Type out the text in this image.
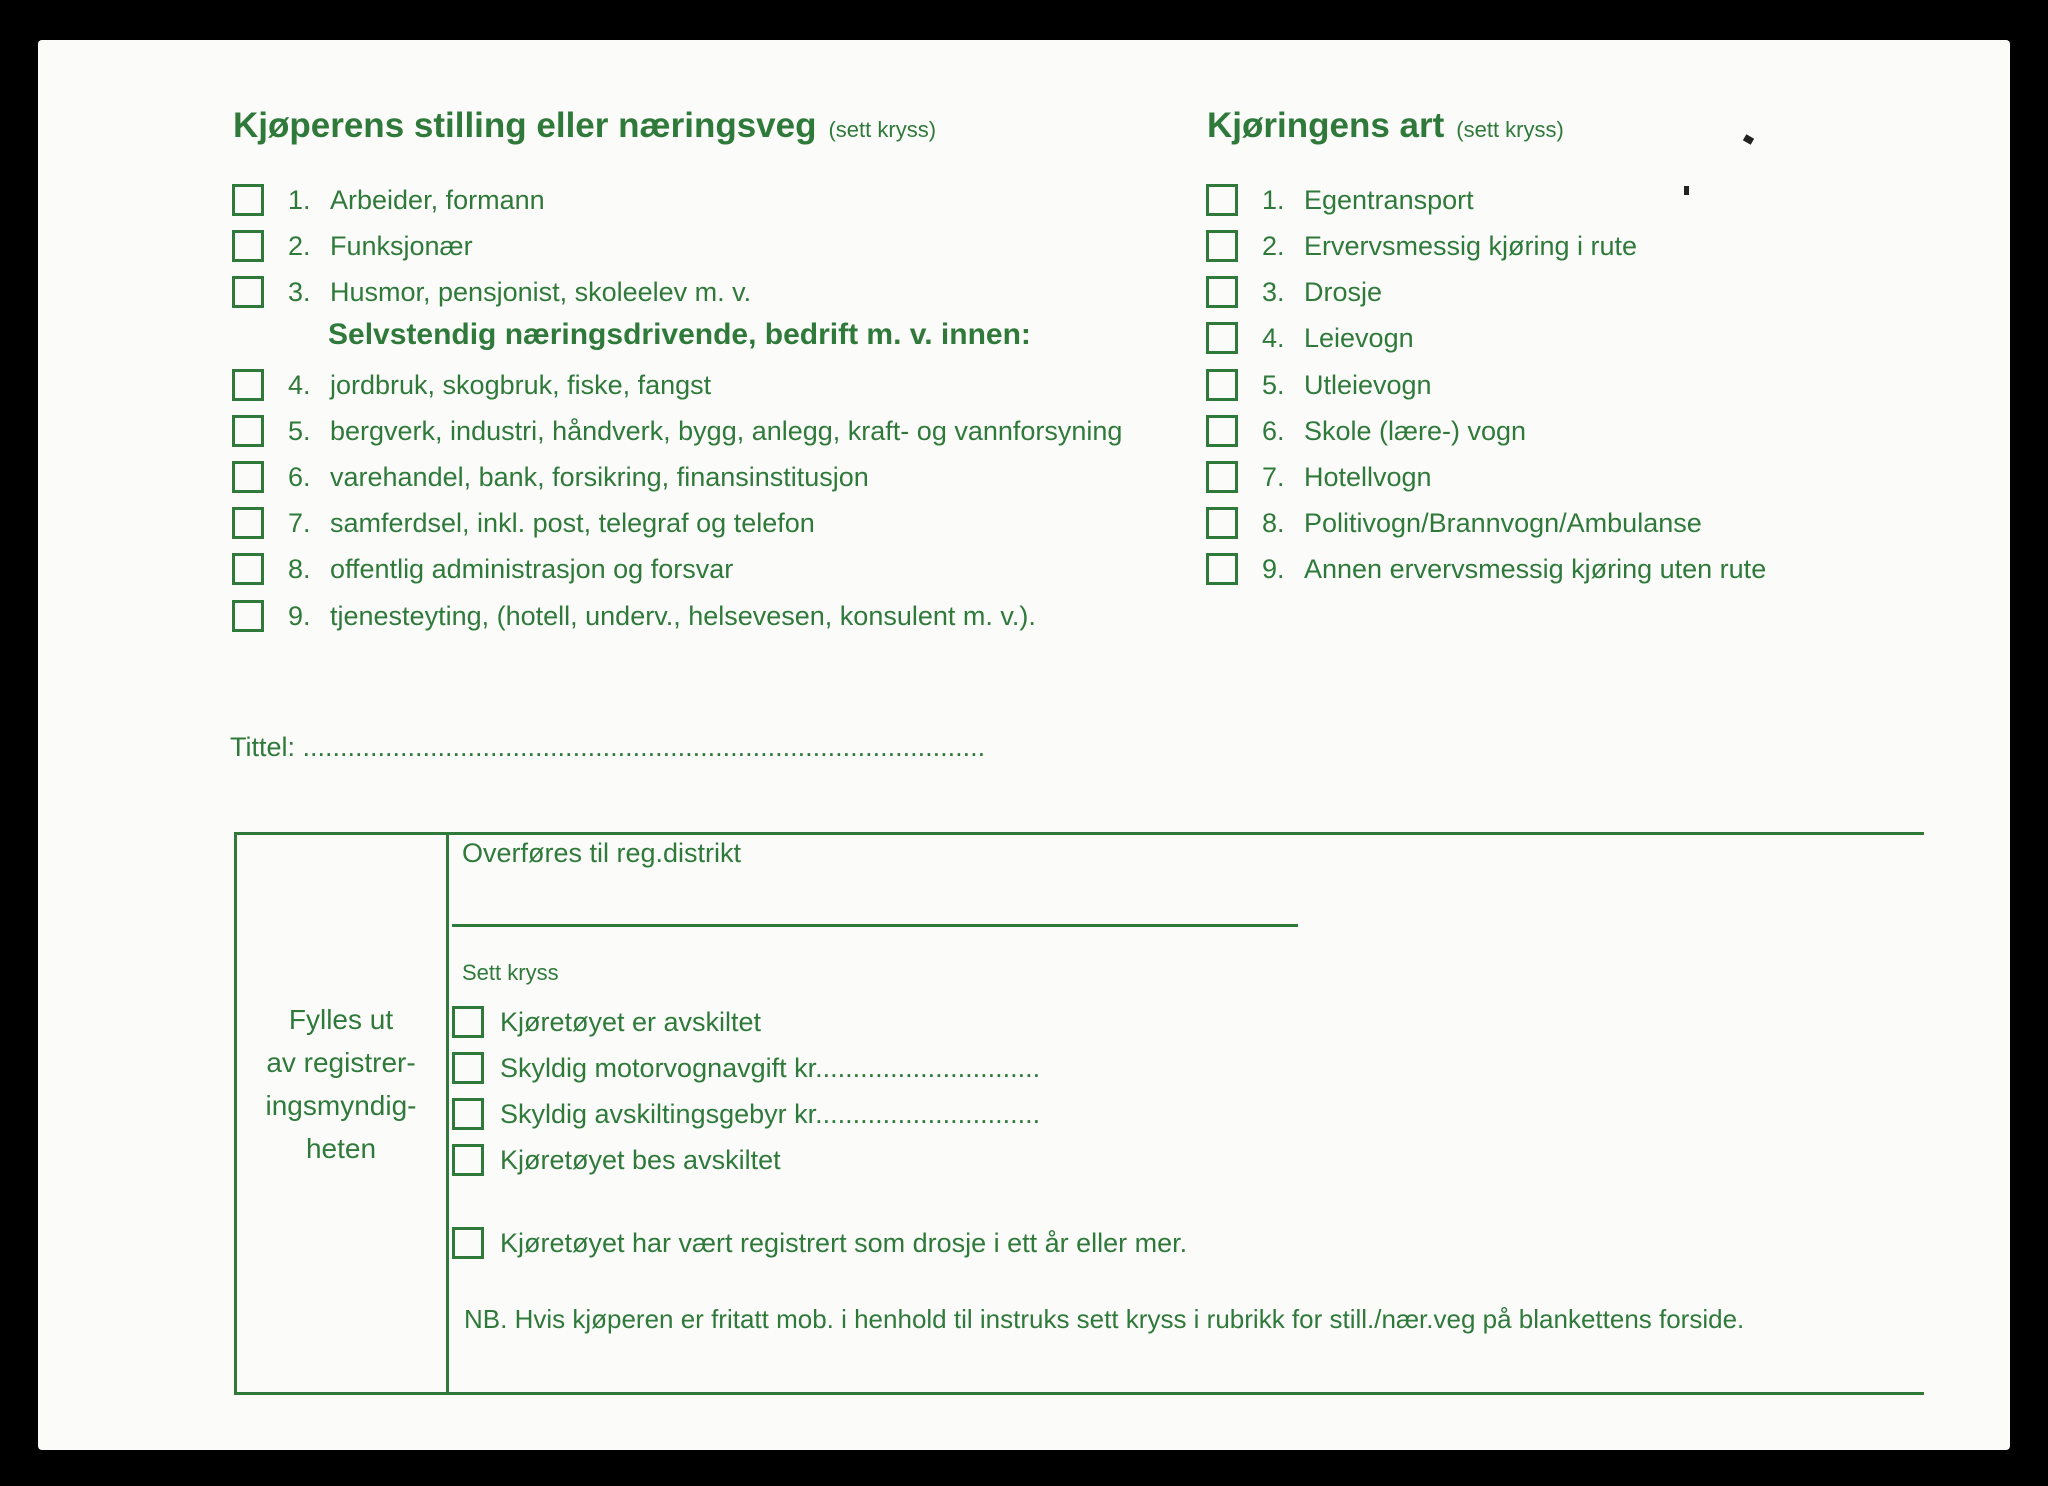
Kjøperens stilling eller næringsveg (sett kryss)
1. Arbeider, formann
2. Funksjonær
3. Husmor, pensjonist, skoleelev m. v.
Selvstendig næringsdrivende, bedrift m. v. innen:
4. jordbruk, skogbruk, fiske, fangst
5. bergverk, industri, håndverk, bygg, anlegg, kraft- og vannforsyning
6. varehandel, bank, forsikring, finansinstitusjon
7. samferdsel, inkl. post, telegraf og telefon
8. offentlig administrasjon og forsvar
9. tjenesteyting, (hotell, underv., helsevesen, konsulent m. v.).
Kjøringens art (sett kryss)
1. Egentransport
2. Ervervsmessig kjøring i rute
3. Drosje
4. Leievogn
5. Utleievogn
6. Skole (lære-) vogn
7. Hotellvogn
8. Politivogn/Brannvogn/Ambulanse
9. Annen ervervsmessig kjøring uten rute
Tittel: ...........................................................................................
Fylles ut
av registrer-
ingsmyndig-
heten
Overføres til reg.distrikt
Sett kryss
Kjøretøyet er avskiltet
Skyldig motorvognavgift kr..............................
Skyldig avskiltingsgebyr kr..............................
Kjøretøyet bes avskiltet
Kjøretøyet har vært registrert som drosje i ett år eller mer.
NB. Hvis kjøperen er fritatt mob. i henhold til instruks sett kryss i rubrikk for still./nær.veg på blankettens forside.
